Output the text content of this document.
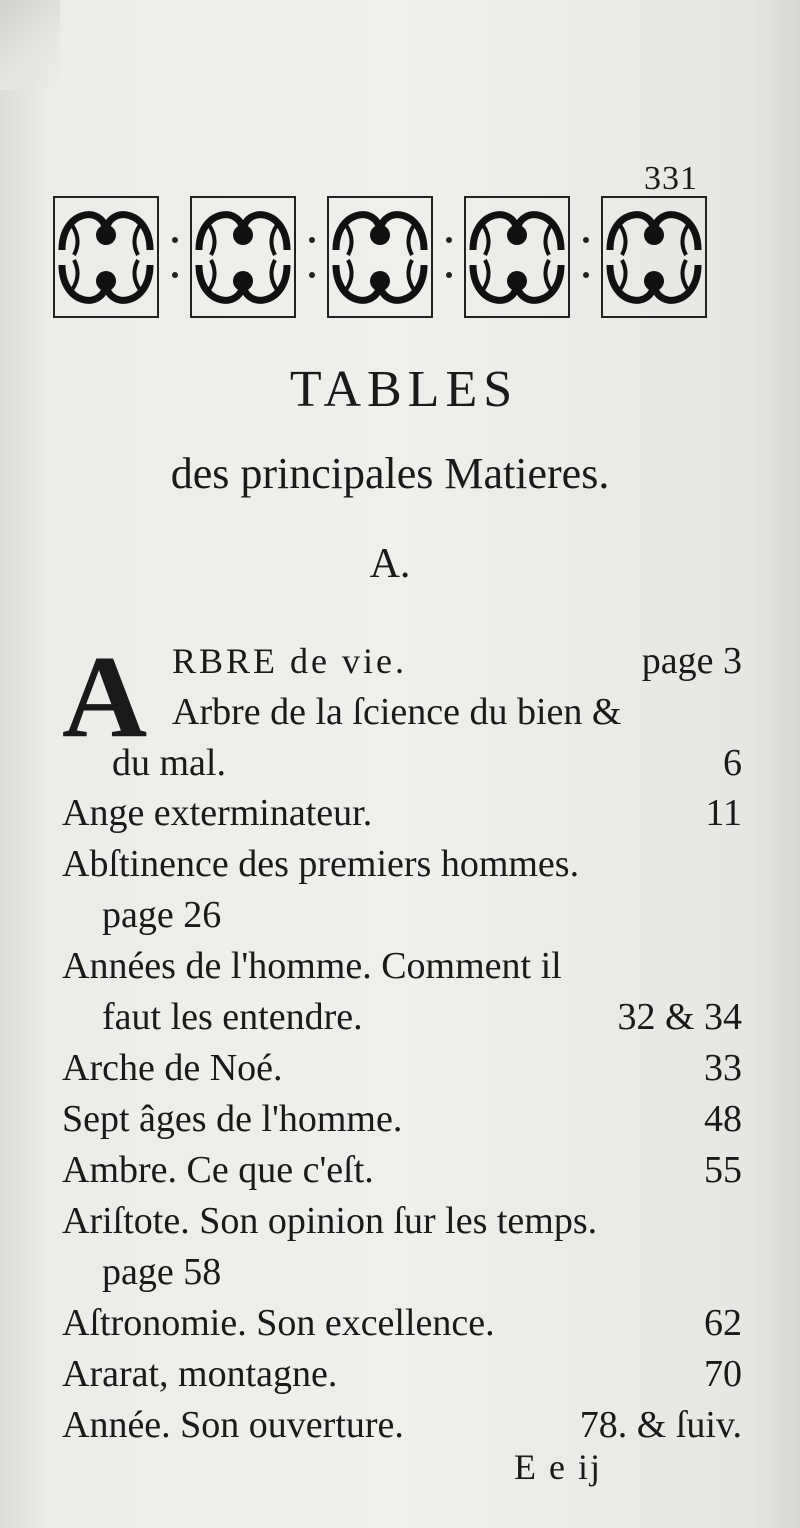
331
TABLES
des principales Matieres.
A.
A RBRE de vie.	page 3
Arbre de la ſcience du bien &
du mal.	6
Ange exterminateur.	11
Abſtinence des premiers hommes.
page 26
Années de l'homme. Comment il
faut les entendre.	32 & 34
Arche de Noé.	33
Sept âges de l'homme.	48
Ambre. Ce que c'eſt.	55
Ariſtote. Son opinion ſur les temps.
page 58
Aſtronomie. Son excellence.	62
Ararat, montagne.	70
Année. Son ouverture.	78. & ſuiv.
E e ij
